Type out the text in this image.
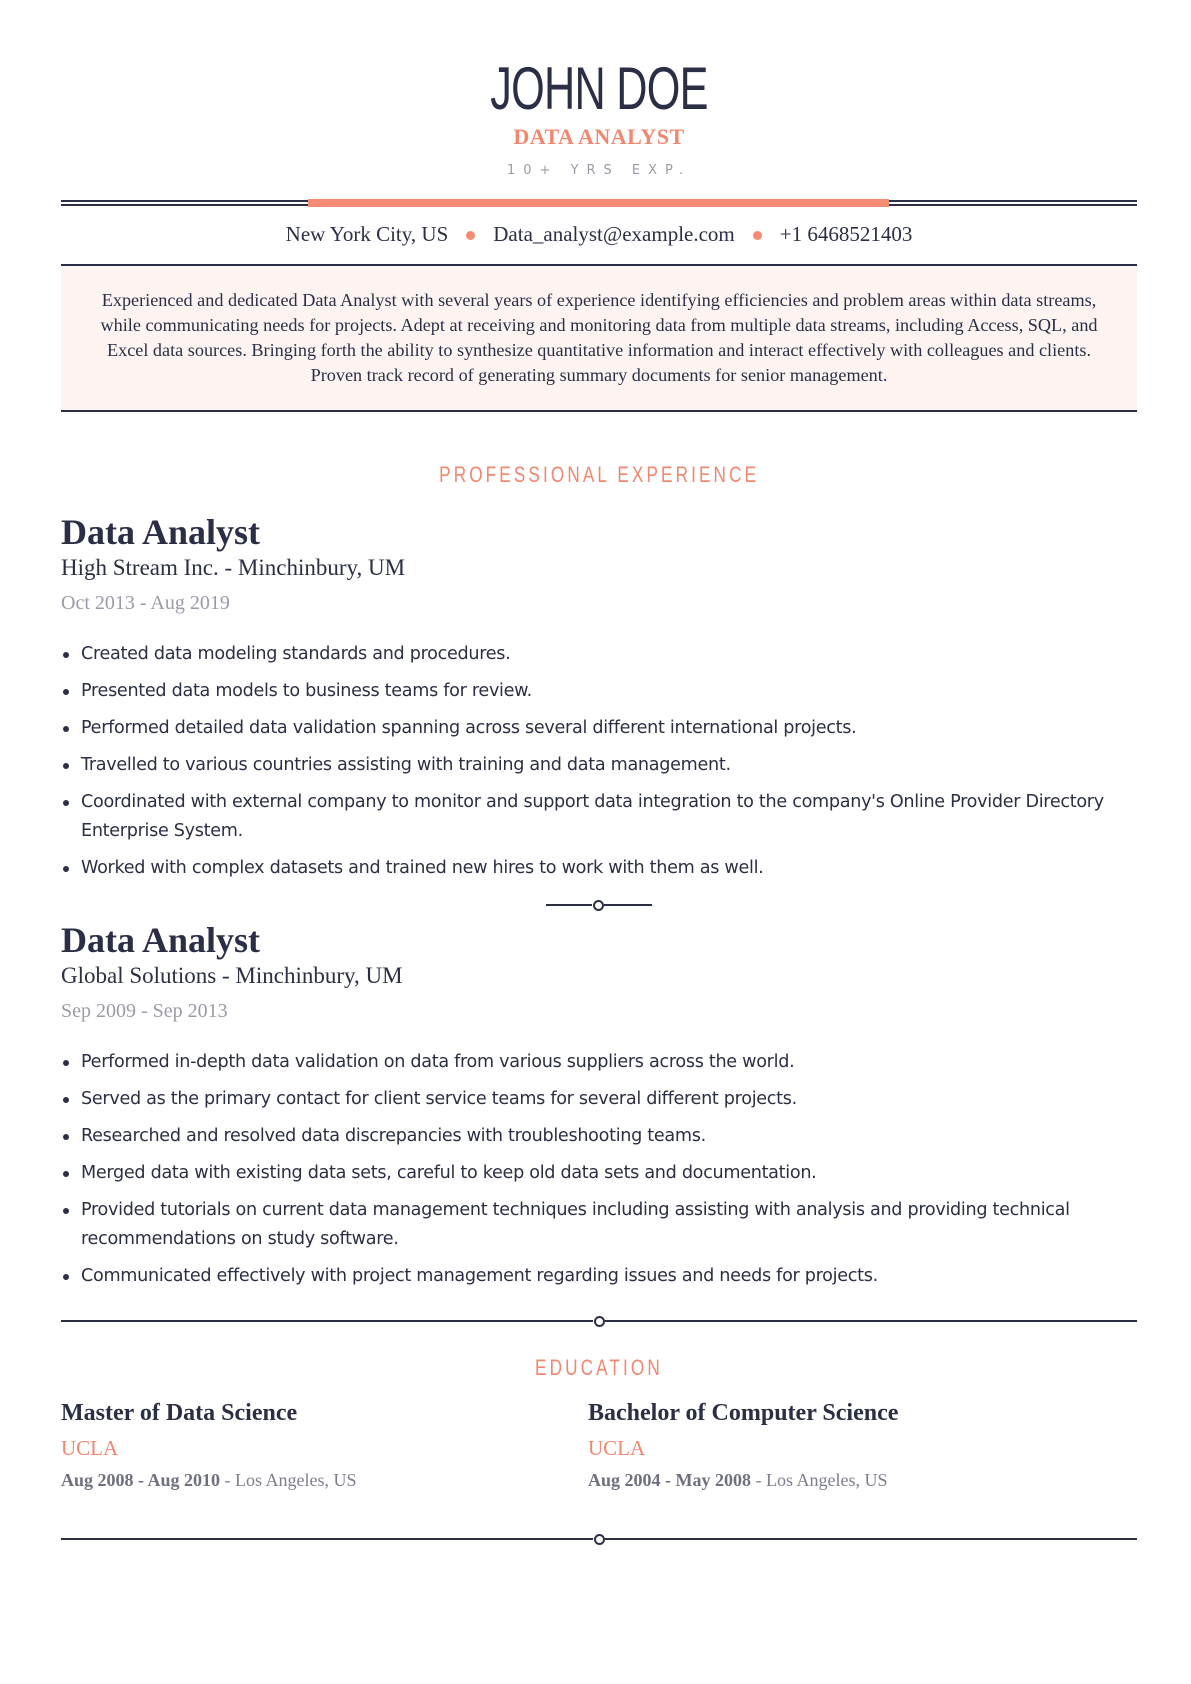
JOHN DOE
DATA ANALYST
10+ YRS EXP.
New York City, US Data_analyst@example.com +1 6468521403

Experienced and dedicated Data Analyst with several years of experience identifying efficiencies and problem areas within data streams, while communicating needs for projects. Adept at receiving and monitoring data from multiple data streams, including Access, SQL, and Excel data sources. Bringing forth the ability to synthesize quantitative information and interact effectively with colleagues and clients. Proven track record of generating summary documents for senior management.

PROFESSIONAL EXPERIENCE
Data Analyst
High Stream Inc. - Minchinbury, UM
Oct 2013 - Aug 2019
Created data modeling standards and procedures.
Presented data models to business teams for review.
Performed detailed data validation spanning across several different international projects.
Travelled to various countries assisting with training and data management.
Coordinated with external company to monitor and support data integration to the company's Online Provider Directory Enterprise System.
Worked with complex datasets and trained new hires to work with them as well.
Data Analyst
Global Solutions - Minchinbury, UM
Sep 2009 - Sep 2013
Performed in-depth data validation on data from various suppliers across the world.
Served as the primary contact for client service teams for several different projects.
Researched and resolved data discrepancies with troubleshooting teams.
Merged data with existing data sets, careful to keep old data sets and documentation.
Provided tutorials on current data management techniques including assisting with analysis and providing technical recommendations on study software.
Communicated effectively with project management regarding issues and needs for projects.
EDUCATION
Master of Data Science
UCLA
Aug 2008 - Aug 2010 - Los Angeles, US
Bachelor of Computer Science
UCLA
Aug 2004 - May 2008 - Los Angeles, US
